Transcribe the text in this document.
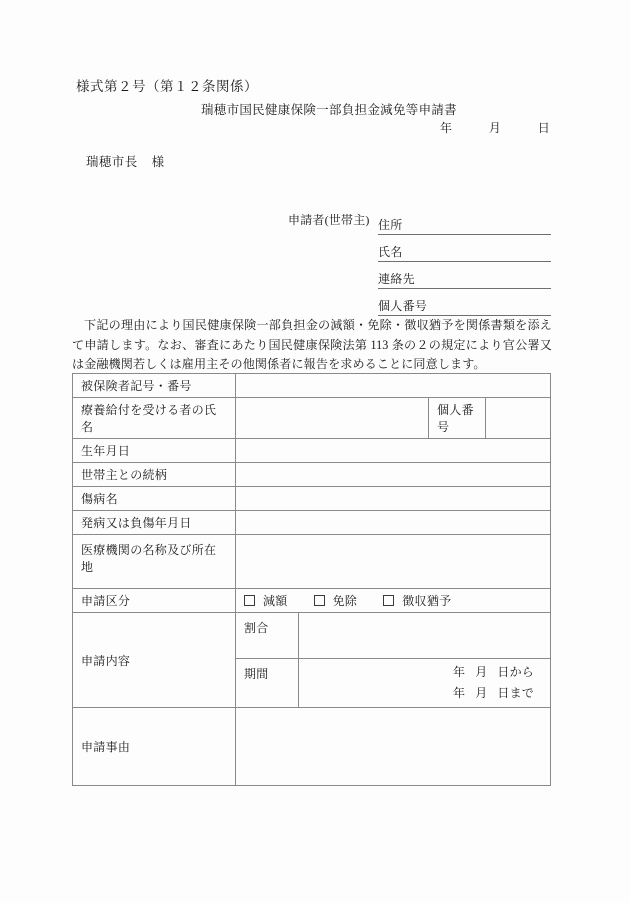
様式第２号（第１２条関係）
瑞穂市国民健康保険一部負担金減免等申請書
年	月	日
瑞穂市長 様
申請者(世帯主) 住所
氏名
連絡先
個人番号
下記の理由により国民健康保険一部負担金の減額・免除・徴収猶予を関係書類を添えて申請します。なお、審査にあたり国民健康保険法第 113 条の２の規定により官公署又は金融機関若しくは雇用主その他関係者に報告を求めることに同意します。
被保険者記号・番号				
療養給付を受ける者の氏名			個人番号	
生年月日				
世帯主との続柄				
傷病名				
発病又は負傷年月日				
医療機関の名称及び所在地				
申請区分	減額 免除 徴収猶予			

申請内容	割合			
	期間	年 月 日から
年 月 日まで		

申請事由				
